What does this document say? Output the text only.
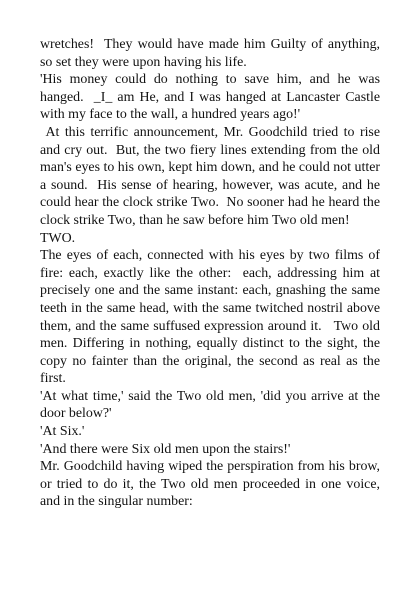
wretches!  They would have made him Guilty of anything, so set they were upon having his life.

'His money could do nothing to save him, and he was hanged.  _I_ am He, and I was hanged at Lancaster Castle with my face to the wall, a hundred years ago!'

At this terrific announcement, Mr. Goodchild tried to rise and cry out.  But, the two fiery lines extending from the old man's eyes to his own, kept him down, and he could not utter a sound.  His sense of hearing, however, was acute, and he could hear the clock strike Two.  No sooner had he heard the clock strike Two, than he saw before him Two old men!

TWO.

The eyes of each, connected with his eyes by two films of fire: each, exactly like the other:  each, addressing him at precisely one and the same instant: each, gnashing the same teeth in the same head, with the same twitched nostril above them, and the same suffused expression around it.   Two old men. Differing in nothing, equally distinct to the sight, the copy no fainter than the original, the second as real as the first.

'At what time,' said the Two old men, 'did you arrive at the door below?'

'At Six.'

'And there were Six old men upon the stairs!'

Mr. Goodchild having wiped the perspiration from his brow, or tried to do it, the Two old men proceeded in one voice, and in the singular number:
